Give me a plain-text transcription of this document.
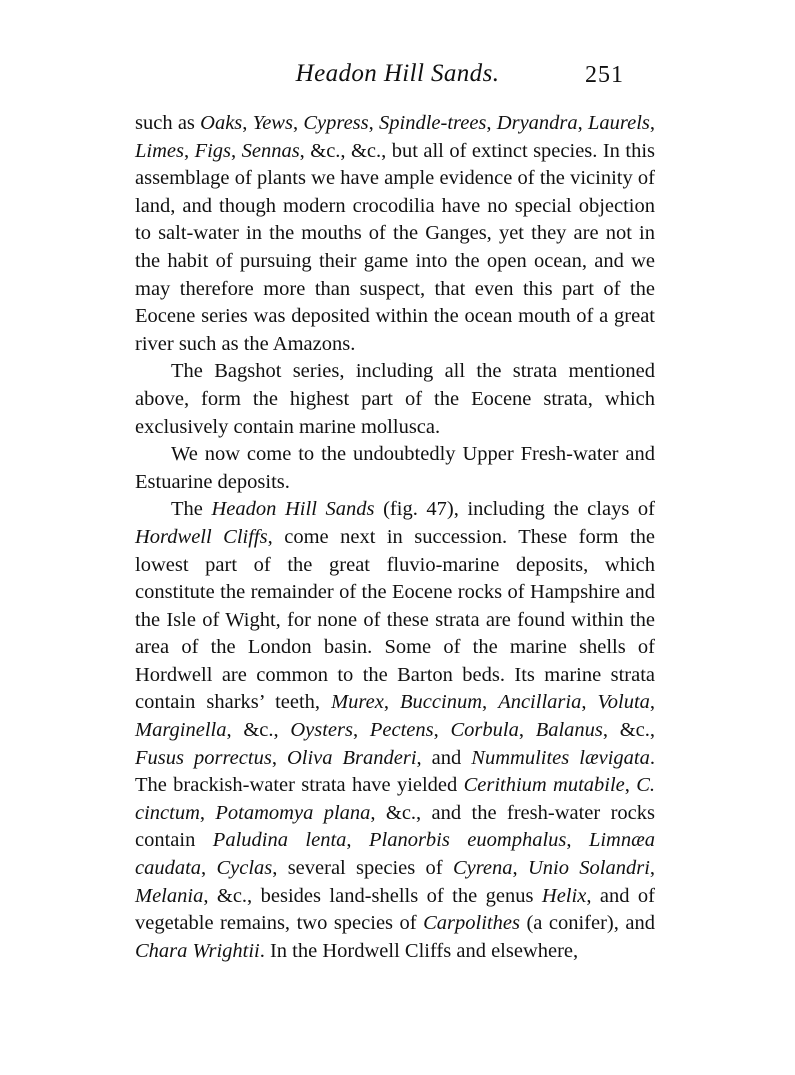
Headon Hill Sands.	251

such as Oaks, Yews, Cypress, Spindle-trees, Dryandra, Laurels, Limes, Figs, Sennas, &c., &c., but all of extinct species. In this assemblage of plants we have ample evidence of the vicinity of land, and though modern crocodilia have no special objection to salt-water in the mouths of the Ganges, yet they are not in the habit of pursuing their game into the open ocean, and we may therefore more than suspect, that even this part of the Eocene series was deposited within the ocean mouth of a great river such as the Amazons.

The Bagshot series, including all the strata mentioned above, form the highest part of the Eocene strata, which exclusively contain marine mollusca.

We now come to the undoubtedly Upper Fresh-water and Estuarine deposits.

The Headon Hill Sands (fig. 47), including the clays of Hordwell Cliffs, come next in succession. These form the lowest part of the great fluvio-marine deposits, which constitute the remainder of the Eocene rocks of Hampshire and the Isle of Wight, for none of these strata are found within the area of the London basin. Some of the marine shells of Hordwell are common to the Barton beds. Its marine strata contain sharks’ teeth, Murex, Buccinum, Ancillaria, Voluta, Marginella, &c., Oysters, Pectens, Corbula, Balanus, &c., Fusus porrectus, Oliva Branderi, and Nummulites lævigata. The brackish-water strata have yielded Cerithium mutabile, C. cinctum, Potamomya plana, &c., and the fresh-water rocks contain Paludina lenta, Planorbis euomphalus, Limnæa caudata, Cyclas, several species of Cyrena, Unio Solandri, Melania, &c., besides land-shells of the genus Helix, and of vegetable remains, two species of Carpolithes (a conifer), and Chara Wrightii. In the Hordwell Cliffs and elsewhere,
